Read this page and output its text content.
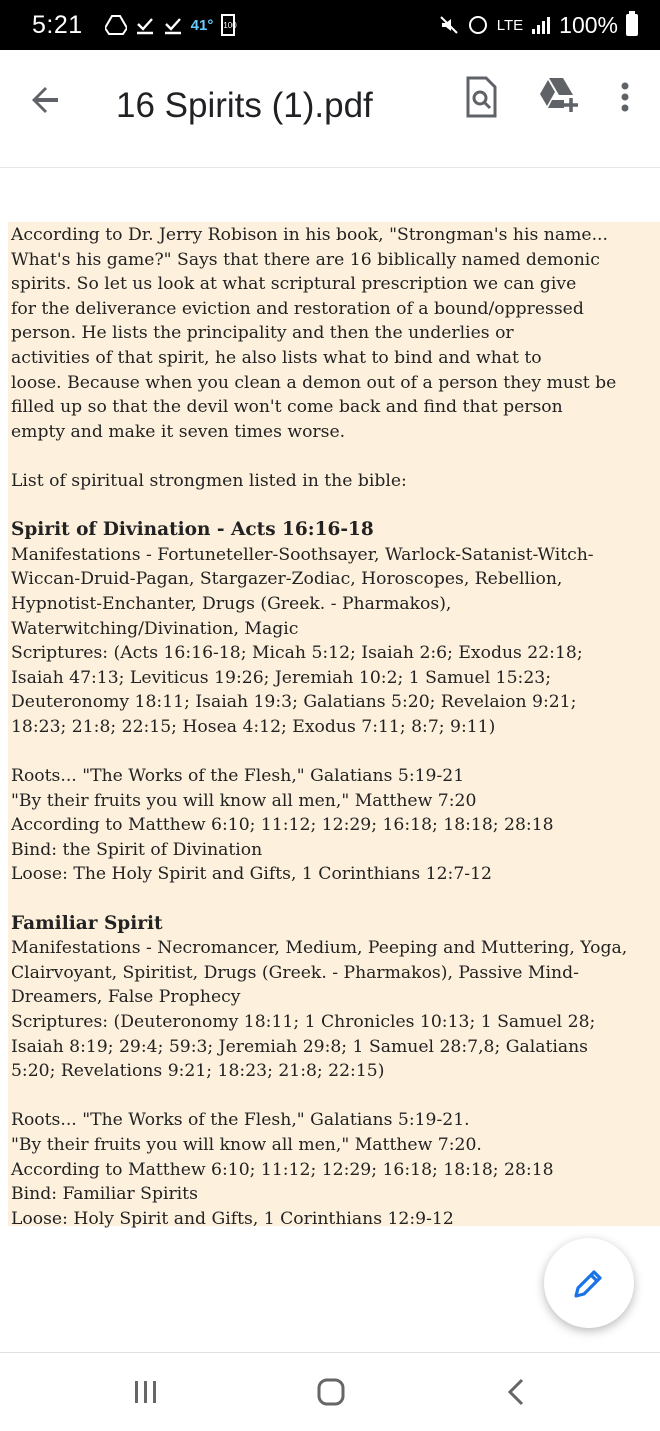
5:21	41° 100	LTE 100%
16 Spirits (1).pdf

According to Dr. Jerry Robison in his book, "Strongman's his name...
What's his game?" Says that there are 16 biblically named demonic
spirits. So let us look at what scriptural prescription we can give
for the deliverance eviction and restoration of a bound/oppressed
person. He lists the principality and then the underlies or
activities of that spirit, he also lists what to bind and what to
loose. Because when you clean a demon out of a person they must be
filled up so that the devil won't come back and find that person
empty and make it seven times worse.

List of spiritual strongmen listed in the bible:

Spirit of Divination - Acts 16:16-18

Manifestations - Fortuneteller-Soothsayer, Warlock-Satanist-Witch-
Wiccan-Druid-Pagan, Stargazer-Zodiac, Horoscopes, Rebellion,
Hypnotist-Enchanter, Drugs (Greek. - Pharmakos),
Waterwitching/Divination, Magic

Scriptures: (Acts 16:16-18; Micah 5:12; Isaiah 2:6; Exodus 22:18;
Isaiah 47:13; Leviticus 19:26; Jeremiah 10:2; 1 Samuel 15:23;
Deuteronomy 18:11; Isaiah 19:3; Galatians 5:20; Revelaion 9:21;
18:23; 21:8; 22:15; Hosea 4:12; Exodus 7:11; 8:7; 9:11)

Roots... "The Works of the Flesh," Galatians 5:19-21
"By their fruits you will know all men," Matthew 7:20
According to Matthew 6:10; 11:12; 12:29; 16:18; 18:18; 28:18

Bind: the Spirit of Divination

Loose: The Holy Spirit and Gifts, 1 Corinthians 12:7-12

Familiar Spirit

Manifestations - Necromancer, Medium, Peeping and Muttering, Yoga,
Clairvoyant, Spiritist, Drugs (Greek. - Pharmakos), Passive Mind-
Dreamers, False Prophecy

Scriptures: (Deuteronomy 18:11; 1 Chronicles 10:13; 1 Samuel 28;
Isaiah 8:19; 29:4; 59:3; Jeremiah 29:8; 1 Samuel 28:7,8; Galatians
5:20; Revelations 9:21; 18:23; 21:8; 22:15)

Roots... "The Works of the Flesh," Galatians 5:19-21.
"By their fruits you will know all men," Matthew 7:20.
According to Matthew 6:10; 11:12; 12:29; 16:18; 18:18; 28:18

Bind: Familiar Spirits

Loose: Holy Spirit and Gifts, 1 Corinthians 12:9-12
